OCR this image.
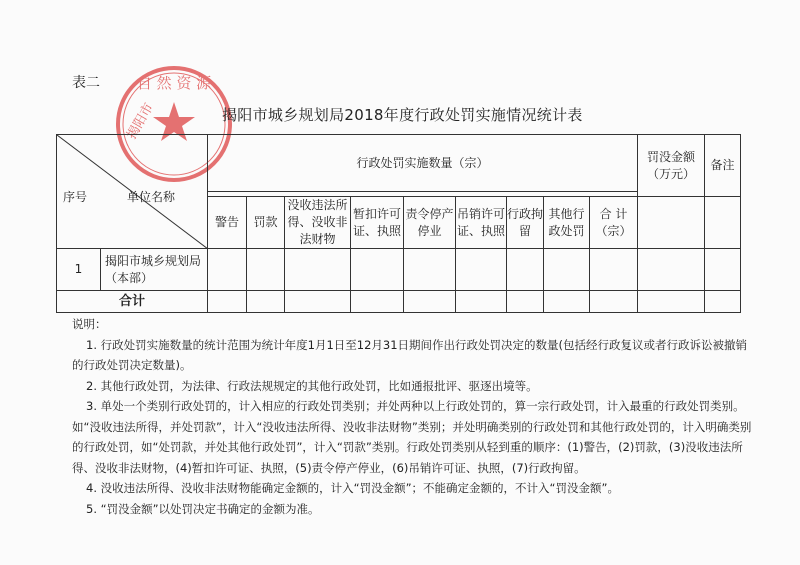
表二 自 然 资 源
揭阳市	揭阳市城乡规划局2018年度行政处罚实施情况统计表
序号 单位名称		行政处罚实施数量（宗）									罚没金额（万元）	备注

		警告	罚款	没收违法所得、没收非法财物	暂扣许可证、执照	责令停产停业	吊销许可证、执照	行政拘留	其他行政处罚	合 计（宗）		
1	揭阳市城乡规划局（本部）											
合计												

说明：

1. 行政处罚实施数量的统计范围为统计年度1月1日至12月31日期间作出行政处罚决定的数量(包括经行政复议或者行政诉讼被撤销的行政处罚决定数量)。

2. 其他行政处罚，为法律、行政法规规定的其他行政处罚，比如通报批评、驱逐出境等。

3. 单处一个类别行政处罚的，计入相应的行政处罚类别；并处两种以上行政处罚的，算一宗行政处罚，计入最重的行政处罚类别。如“没收违法所得，并处罚款”，计入“没收违法所得、没收非法财物”类别；并处明确类别的行政处罚和其他行政处罚的，计入明确类别的行政处罚，如“处罚款，并处其他行政处罚”，计入“罚款”类别。行政处罚类别从轻到重的顺序：(1)警告，(2)罚款，(3)没收违法所得、没收非法财物，(4)暂扣许可证、执照，(5)责令停产停业，(6)吊销许可证、执照，(7)行政拘留。

4. 没收违法所得、没收非法财物能确定金额的，计入“罚没金额”；不能确定金额的，不计入“罚没金额”。

5. “罚没金额”以处罚决定书确定的金额为准。
